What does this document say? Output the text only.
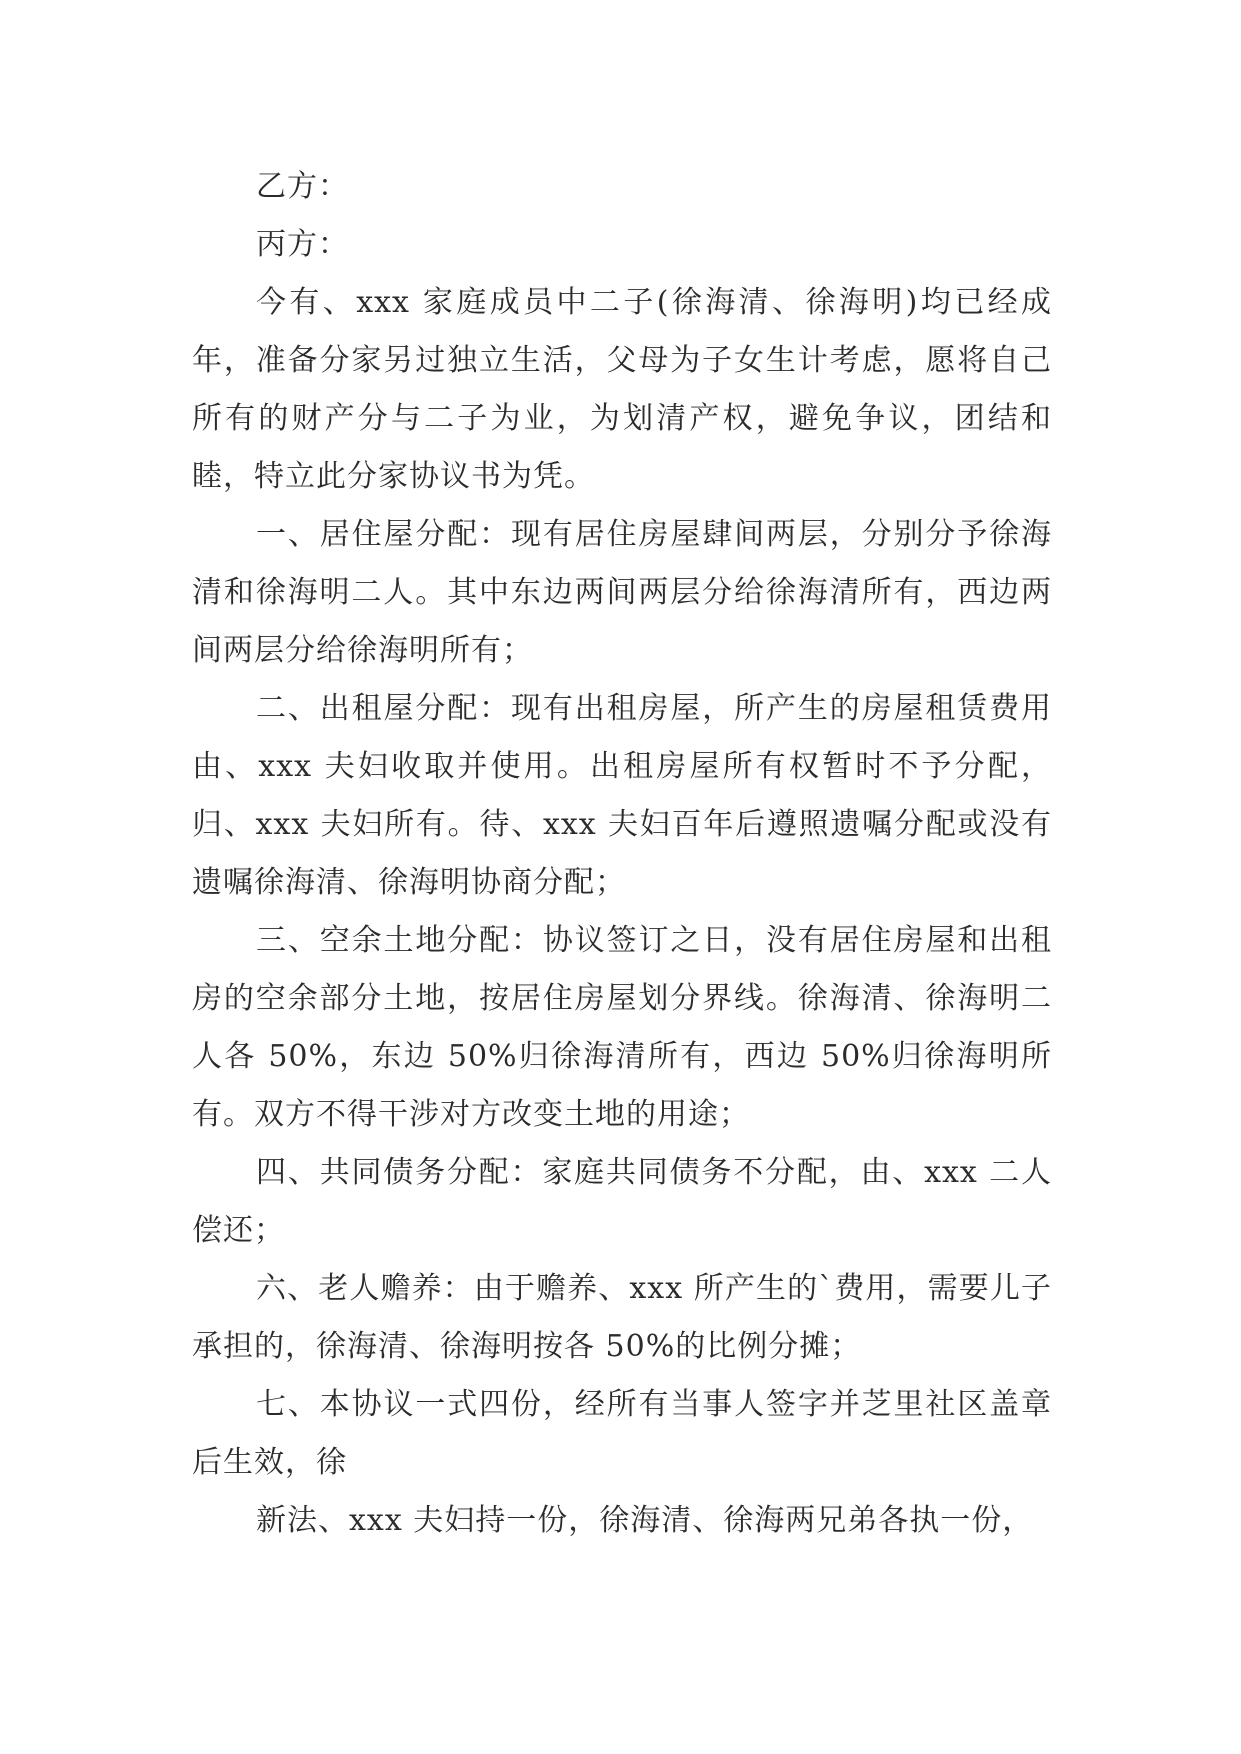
乙方：

丙方：

今有、xxx 家庭成员中二子(徐海清、徐海明)均已经成年，准备分家另过独立生活，父母为子女生计考虑，愿将自己所有的财产分与二子为业，为划清产权，避免争议，团结和睦，特立此分家协议书为凭。

一、居住屋分配：现有居住房屋肆间两层，分别分予徐海清和徐海明二人。其中东边两间两层分给徐海清所有，西边两间两层分给徐海明所有；

二、出租屋分配：现有出租房屋，所产生的房屋租赁费用由、xxx 夫妇收取并使用。出租房屋所有权暂时不予分配，归、xxx 夫妇所有。待、xxx 夫妇百年后遵照遗嘱分配或没有遗嘱徐海清、徐海明协商分配；

三、空余土地分配：协议签订之日，没有居住房屋和出租房的空余部分土地，按居住房屋划分界线。徐海清、徐海明二人各 50%，东边 50%归徐海清所有，西边 50%归徐海明所有。双方不得干涉对方改变土地的用途；

四、共同债务分配：家庭共同债务不分配，由、xxx 二人偿还；

六、老人赡养：由于赡养、xxx 所产生的`费用，需要儿子承担的，徐海清、徐海明按各 50%的比例分摊；

七、本协议一式四份，经所有当事人签字并芝里社区盖章后生效，徐

新法、xxx 夫妇持一份，徐海清、徐海两兄弟各执一份，
